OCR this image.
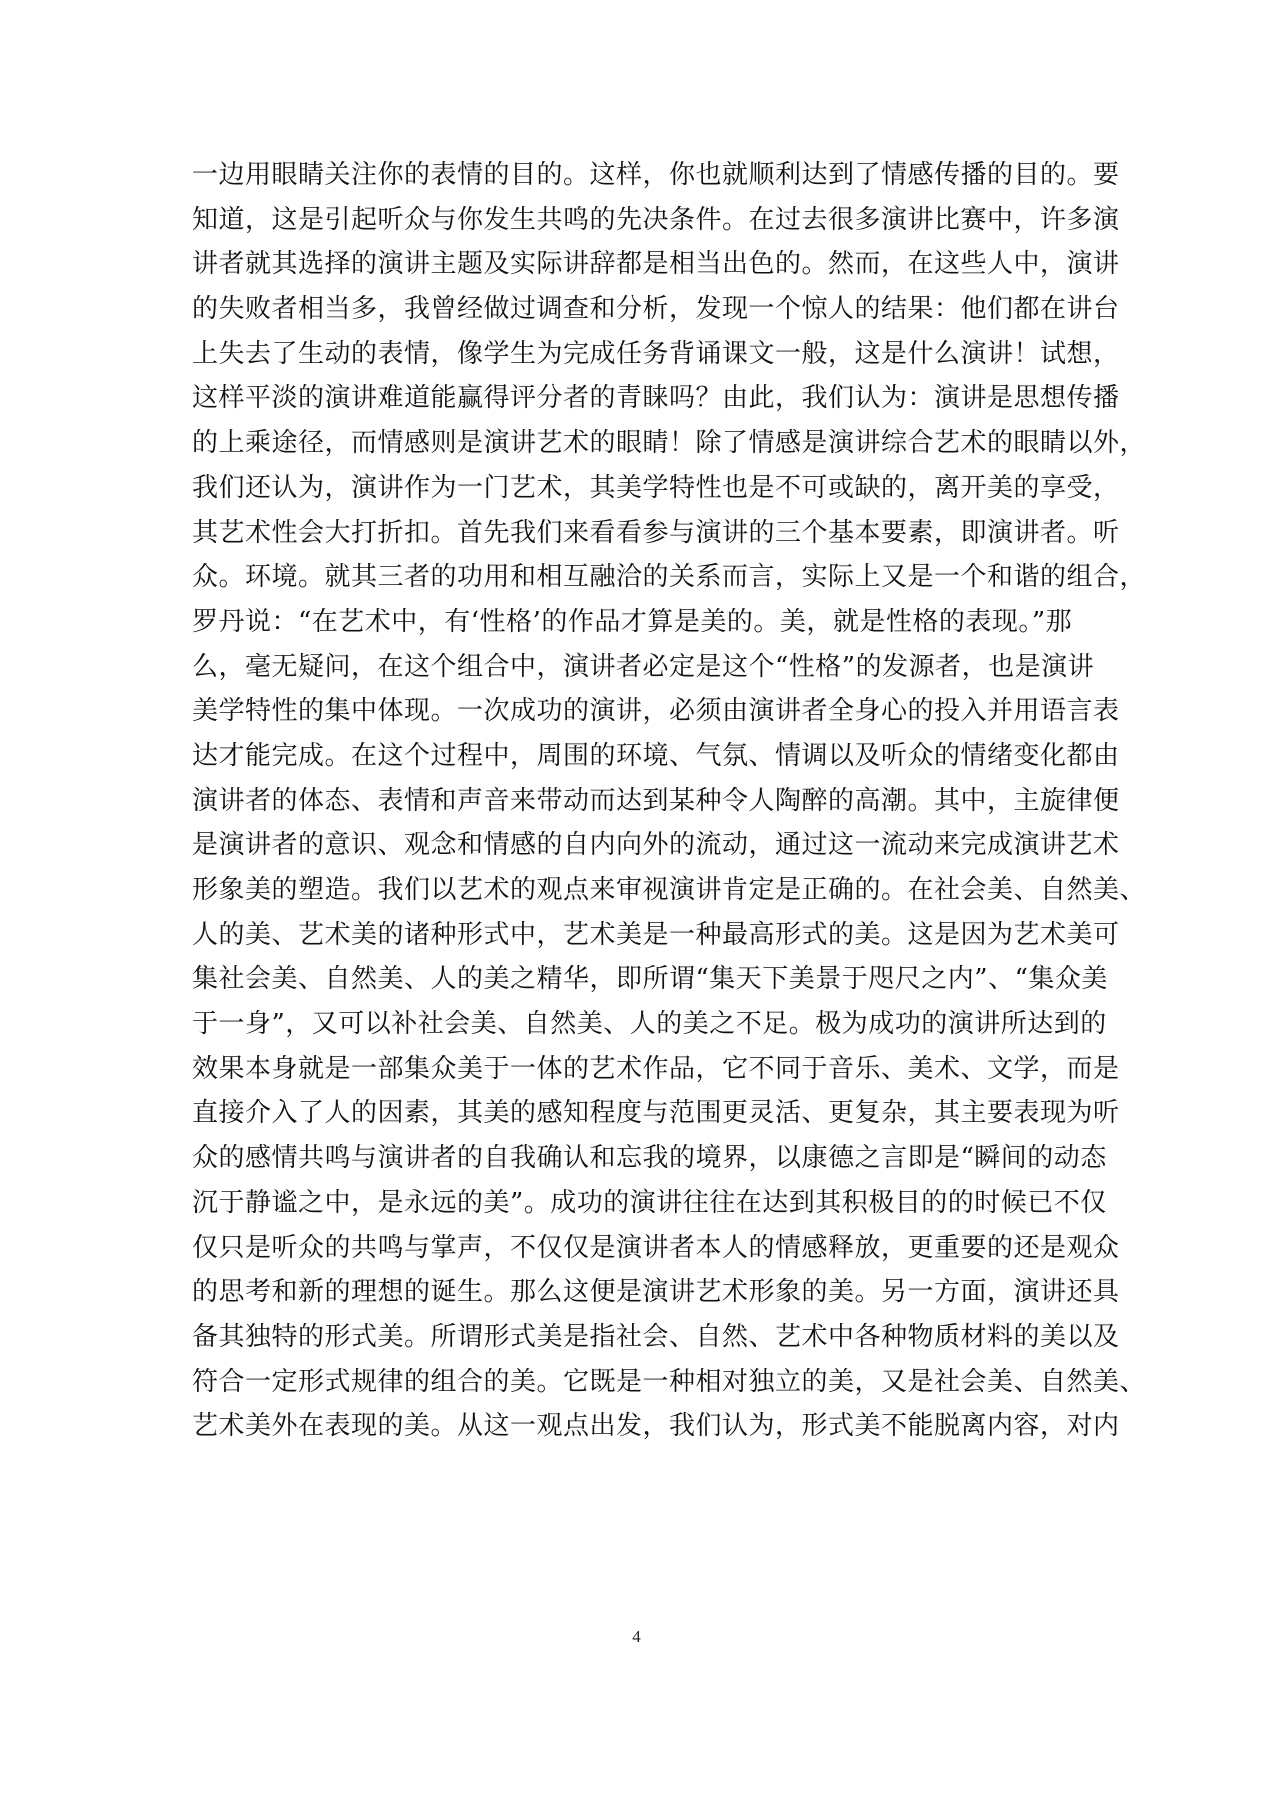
一边用眼睛关注你的表情的目的。这样，你也就顺利达到了情感传播的目的。要
知道，这是引起听众与你发生共鸣的先决条件。在过去很多演讲比赛中，许多演
讲者就其选择的演讲主题及实际讲辞都是相当出色的。然而，在这些人中，演讲
的失败者相当多，我曾经做过调查和分析，发现一个惊人的结果：他们都在讲台
上失去了生动的表情，像学生为完成任务背诵课文一般，这是什么演讲！试想，
这样平淡的演讲难道能赢得评分者的青睐吗？由此，我们认为：演讲是思想传播
的上乘途径，而情感则是演讲艺术的眼睛！除了情感是演讲综合艺术的眼睛以外，
我们还认为，演讲作为一门艺术，其美学特性也是不可或缺的，离开美的享受，
其艺术性会大打折扣。首先我们来看看参与演讲的三个基本要素，即演讲者。听
众。环境。就其三者的功用和相互融洽的关系而言，实际上又是一个和谐的组合，
罗丹说：“在艺术中，有‘性格’的作品才算是美的。美，就是性格的表现。”那
么，毫无疑问，在这个组合中，演讲者必定是这个“性格”的发源者，也是演讲
美学特性的集中体现。一次成功的演讲，必须由演讲者全身心的投入并用语言表
达才能完成。在这个过程中，周围的环境、气氛、情调以及听众的情绪变化都由
演讲者的体态、表情和声音来带动而达到某种令人陶醉的高潮。其中，主旋律便
是演讲者的意识、观念和情感的自内向外的流动，通过这一流动来完成演讲艺术
形象美的塑造。我们以艺术的观点来审视演讲肯定是正确的。在社会美、自然美、
人的美、艺术美的诸种形式中，艺术美是一种最高形式的美。这是因为艺术美可
集社会美、自然美、人的美之精华，即所谓“集天下美景于咫尺之内”、“集众美
于一身”，又可以补社会美、自然美、人的美之不足。极为成功的演讲所达到的
效果本身就是一部集众美于一体的艺术作品，它不同于音乐、美术、文学，而是
直接介入了人的因素，其美的感知程度与范围更灵活、更复杂，其主要表现为听
众的感情共鸣与演讲者的自我确认和忘我的境界，以康德之言即是“瞬间的动态
沉于静谧之中，是永远的美”。成功的演讲往往在达到其积极目的的时候已不仅
仅只是听众的共鸣与掌声，不仅仅是演讲者本人的情感释放，更重要的还是观众
的思考和新的理想的诞生。那么这便是演讲艺术形象的美。另一方面，演讲还具
备其独特的形式美。所谓形式美是指社会、自然、艺术中各种物质材料的美以及
符合一定形式规律的组合的美。它既是一种相对独立的美，又是社会美、自然美、
艺术美外在表现的美。从这一观点出发，我们认为，形式美不能脱离内容，对内
4
